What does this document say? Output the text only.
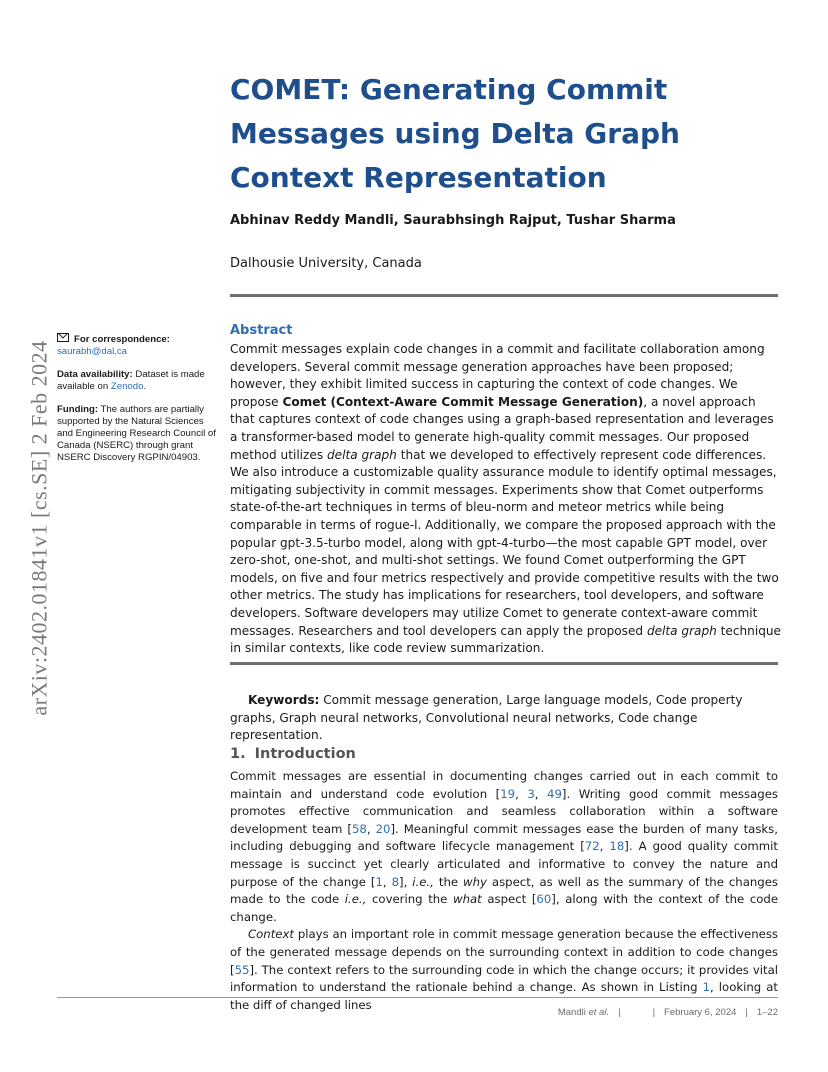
arXiv:2402.01841v1 [cs.SE] 2 Feb 2024
COMET: Generating Commit Messages using Delta Graph Context Representation
Abhinav Reddy Mandli, Saurabhsingh Rajput, Tushar Sharma
Dalhousie University, Canada
For correspondence:
saurabh@dal.ca
Data availability: Dataset is made available on Zenodo.
Funding: The authors are partially supported by the Natural Sciences and Engineering Research Council of Canada (NSERC) through grant NSERC Discovery RGPIN/04903.
Abstract

Commit messages explain code changes in a commit and facilitate collaboration among developers. Several commit message generation approaches have been proposed; however, they exhibit limited success in capturing the context of code changes. We propose Comet (Context-Aware Commit Message Generation), a novel approach that captures context of code changes using a graph-based representation and leverages a transformer-based model to generate high-quality commit messages. Our proposed method utilizes delta graph that we developed to effectively represent code differences. We also introduce a customizable quality assurance module to identify optimal messages, mitigating subjectivity in commit messages. Experiments show that Comet outperforms state-of-the-art techniques in terms of bleu-norm and meteor metrics while being comparable in terms of rogue-l. Additionally, we compare the proposed approach with the popular gpt-3.5-turbo model, along with gpt-4-turbo—the most capable GPT model, over zero-shot, one-shot, and multi-shot settings. We found Comet outperforming the GPT models, on five and four metrics respectively and provide competitive results with the two other metrics. The study has implications for researchers, tool developers, and software developers. Software developers may utilize Comet to generate context-aware commit messages. Researchers and tool developers can apply the proposed delta graph technique in similar contexts, like code review summarization.

Keywords: Commit message generation, Large language models, Code property graphs, Graph neural networks, Convolutional neural networks, Code change representation.

1. Introduction

Commit messages are essential in documenting changes carried out in each commit to maintain and understand code evolution [19, 3, 49]. Writing good commit messages promotes effective communication and seamless collaboration within a software development team [58, 20]. Meaningful commit messages ease the burden of many tasks, including debugging and software lifecycle management [72, 18]. A good quality commit message is succinct yet clearly articulated and informative to convey the nature and purpose of the change [1, 8], i.e., the why aspect, as well as the summary of the changes made to the code i.e., covering the what aspect [60], along with the context of the code change.

Context plays an important role in commit message generation because the effectiveness of the generated message depends on the surrounding context in addition to code changes [55]. The context refers to the surrounding code in which the change occurs; it provides vital information to understand the rationale behind a change. As shown in Listing 1, looking at the diff of changed lines

Mandli et al. |	| February 6, 2024 | 1–22
